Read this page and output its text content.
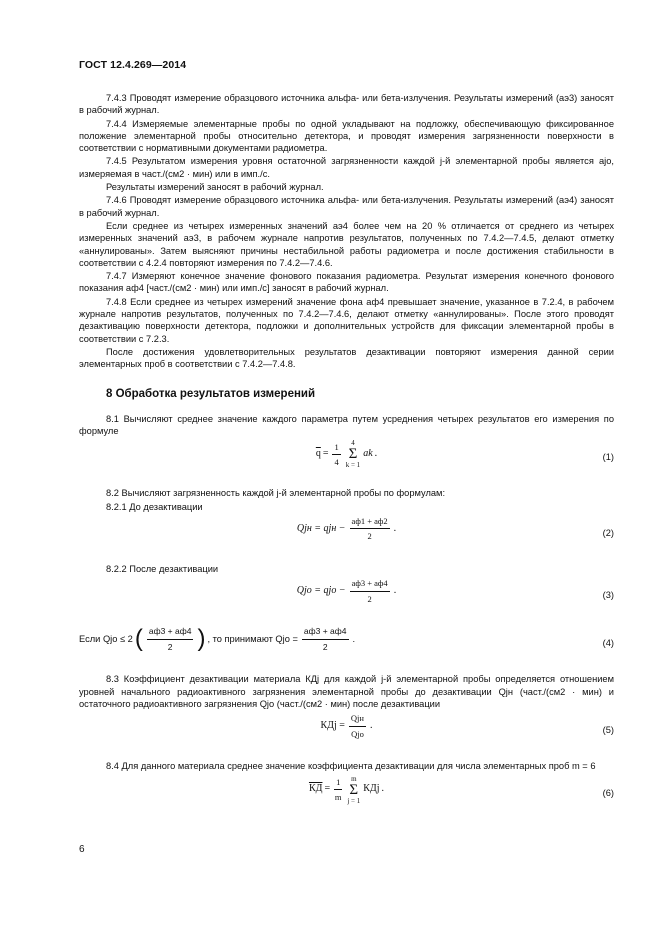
ГОСТ 12.4.269—2014

7.4.3 Проводят измерение образцового источника альфа- или бета-излучения. Результаты измерений (aэ3) заносят в рабочий журнал.

7.4.4 Измеряемые элементарные пробы по одной укладывают на подложку, обеспечивающую фиксированное положение элементарной пробы относительно детектора, и проводят измерения загрязненности поверхности в соответствии с нормативными документами радиометра.

7.4.5 Результатом измерения уровня остаточной загрязненности каждой j-й элементарной пробы является ajо, измеряемая в част./(см2 · мин) или в имп./с.

Результаты измерений заносят в рабочий журнал.

7.4.6 Проводят измерение образцового источника альфа- или бета-излучения. Результаты измерений (aэ4) заносят в рабочий журнал.

Если среднее из четырех измеренных значений aэ4 более чем на 20 % отличается от среднего из четырех измеренных значений aэ3, в рабочем журнале напротив результатов, полученных по 7.4.2—7.4.5, делают отметку «аннулированы». Затем выясняют причины нестабильной работы радиометра и после достижения стабильности в соответствии с 4.2.4 повторяют измерения по 7.4.2—7.4.6.

7.4.7 Измеряют конечное значение фонового показания радиометра. Результат измерения конечного фонового показания aф4 [част./(см2 · мин) или имп./с] заносят в рабочий журнал.

7.4.8 Если среднее из четырех измерений значение фона aф4 превышает значение, указанное в 7.2.4, в рабочем журнале напротив результатов, полученных по 7.4.2—7.4.6, делают отметку «аннулированы». После этого проводят дезактивацию поверхности детектора, подложки и дополнительных устройств для фиксации элементарной пробы в соответствии с 7.2.3.

После достижения удовлетворительных результатов дезактивации повторяют измерения данной серии элементарных проб в соответствии с 7.4.2—7.4.8.

8 Обработка результатов измерений

8.1 Вычисляют среднее значение каждого параметра путем усреднения четырех результатов его измерения по формуле

$\overline{q} = \frac{1}{4} 4$
Σ
k = 1
ak .	(1)

8.2 Вычисляют загрязненность каждой j-й элементарной пробы по формулам:

8.2.1 До дезактивации

Qjн = qjн − $\frac{aф1 + aф2}{2}$ .	(2)

8.2.2 После дезактивации

Qjо = qjо − $\frac{aф3 + aф4}{2}$ .	(3)
Если Qjо ≤ 2 ( $\frac{aф3 + aф4}{2}$ ) , то принимают Qjо = $\frac{aф3 + aф4}{2}$ .	(4)

8.3 Коэффициент дезактивации материала КДj для каждой j-й элементарной пробы определяется отношением уровней начального радиоактивного загрязнения элементарной пробы до дезактивации Qjн (част./(см2 · мин) и остаточного радиоактивного загрязнения Qjо (част./(см2 · мин) после дезактивации

КДj = $\frac{\text{Qjн}}{\text{Qjо}}$ .	(5)

8.4 Для данного материала среднее значение коэффициента дезактивации для числа элементарных проб m = 6

КД = $\frac{1}{m}$ m
Σ
j = 1
КДj .	(6)
6
